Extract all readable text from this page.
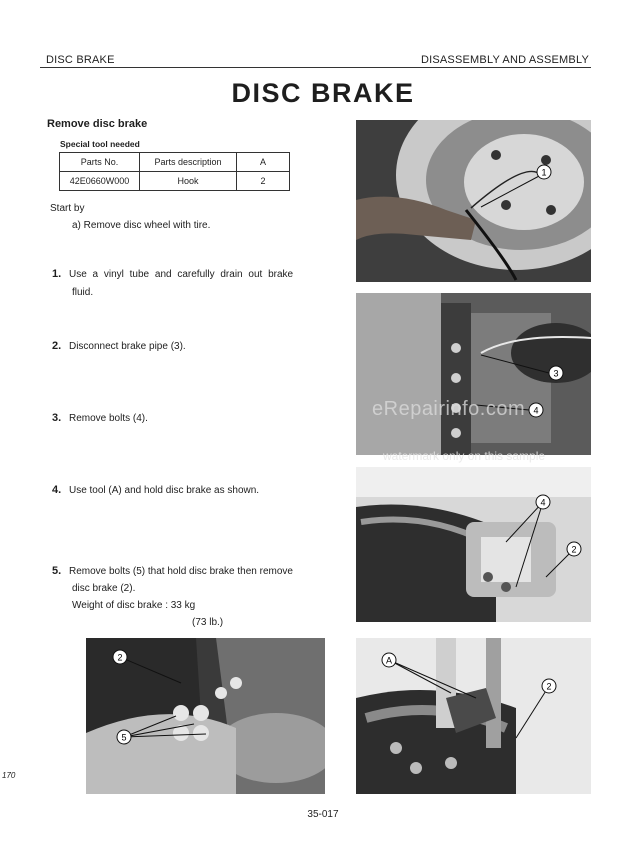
DISC BRAKE	DISASSEMBLY AND ASSEMBLY
DISC BRAKE
Remove disc brake
Special tool needed
Parts No.	Parts description	A
42E0660W000	Hook	2
Start by
a) Remove disc wheel with tire.
1. Use a vinyl tube and carefully drain out brake
fluid.
2. Disconnect brake pipe (3).
3. Remove bolts (4).
4. Use tool (A) and hold disc brake as shown.
5. Remove bolts (5) that hold disc brake then remove
disc brake (2).
Weight of disc brake : 33 kg
(73 lb.)
1
3
4
eRepairinfo.com
watermark only on this sample
4
2
2
5
A
2
35-017
170
